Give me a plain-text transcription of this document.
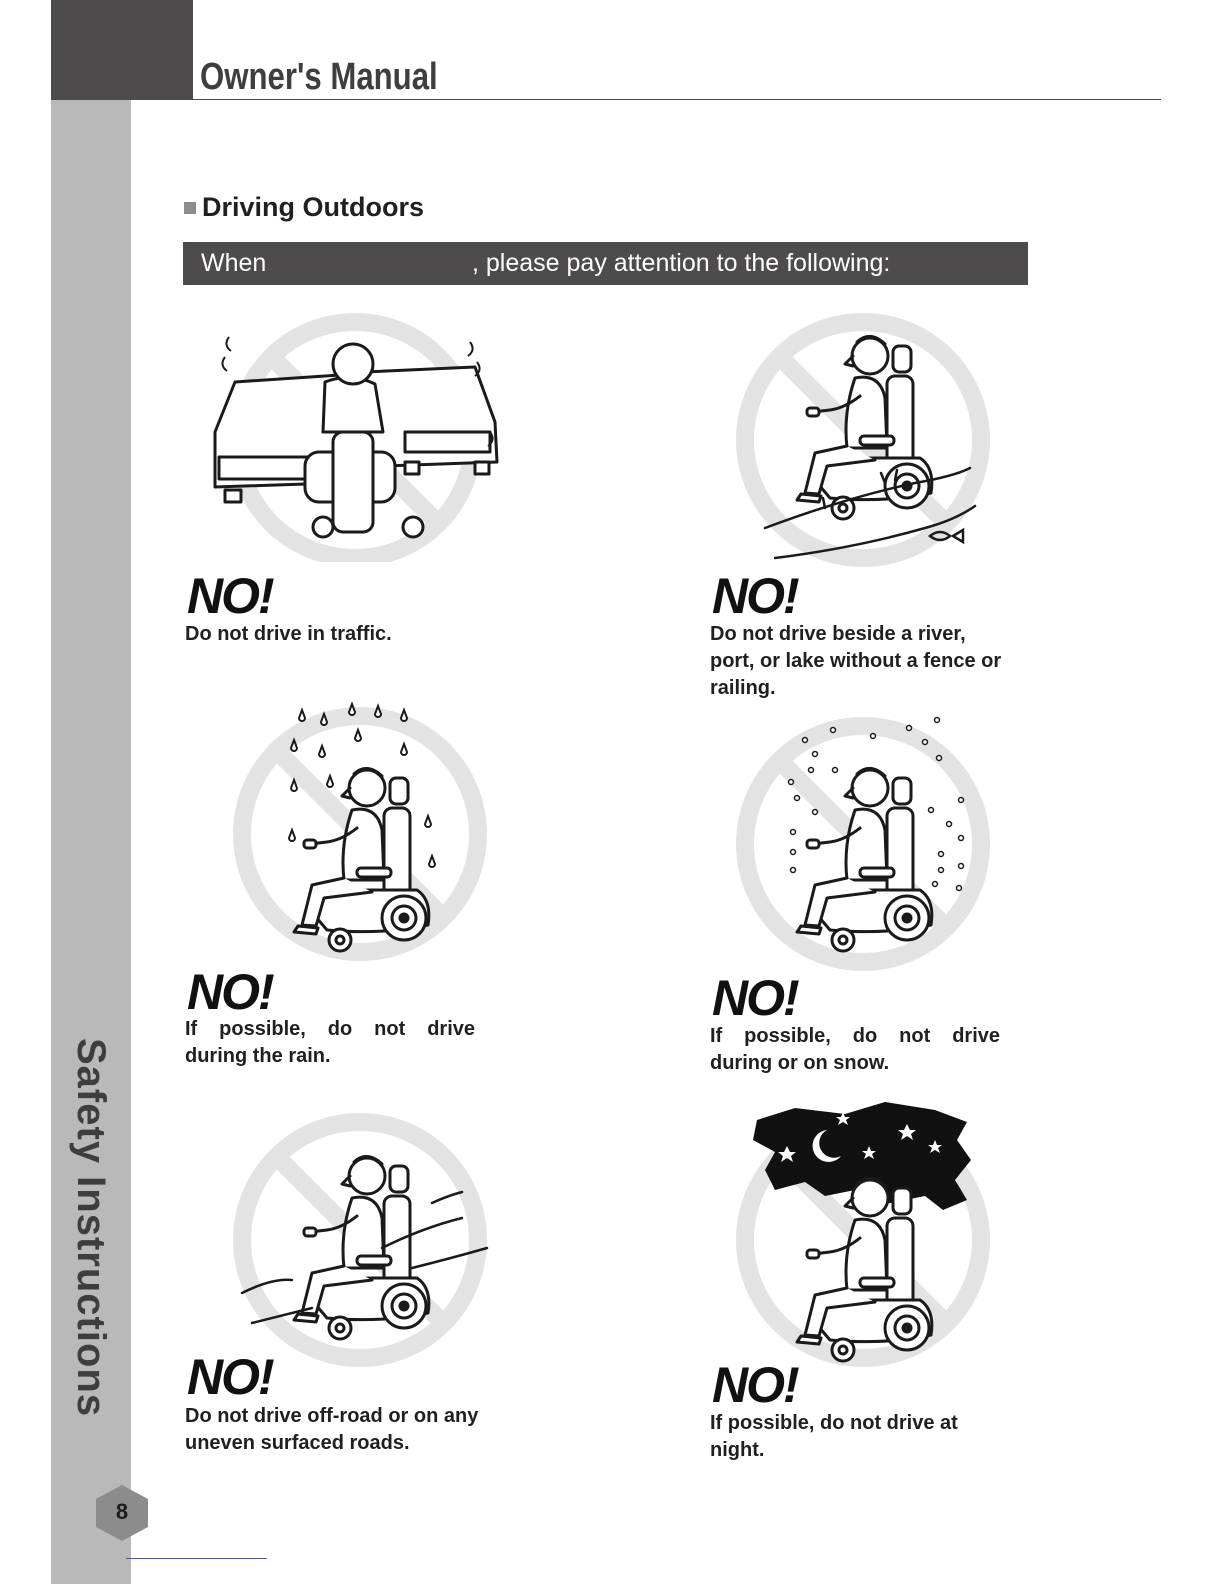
Owner's Manual
Safety Instructions
8
Driving Outdoors
When	, please pay attention to the following:
NO!
Do not drive in traffic.
NO!
Do not drive beside a river, port, or lake without a fence or railing.
NO!
If possible, do not drive during the rain.
NO!
If possible, do not drive during or on snow.
NO!
Do not drive off-road or on any uneven surfaced roads.
NO!
If possible, do not drive at night.
